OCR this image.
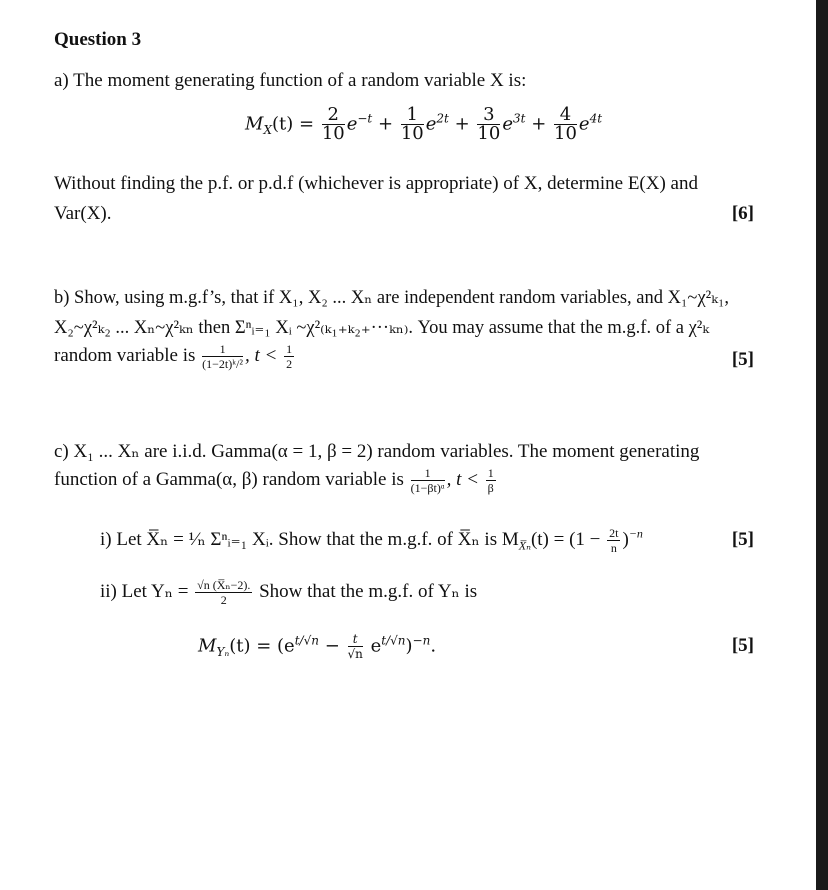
Question 3
a) The moment generating function of a random variable X is:
$M_X(t) = \frac{2}{10} e^{-t} + \frac{1}{10} e^{2t} + \frac{3}{10} e^{3t} + \frac{4}{10} e^{4t}$
Without finding the p.f. or p.d.f (whichever is appropriate) of X, determine E(X) and
Var(X).	[6]
b) Show, using m.g.f’s, that if X₁, X₂ ... Xₙ are independent random variables, and X₁~χ²ₖ₁,
X₂~χ²ₖ₂ ... Xₙ~χ²ₖₙ then Σⁿᵢ₌₁ Xᵢ ~χ²₍ₖ₁₊ₖ₂₊···ₖₙ₎. You may assume that the m.g.f. of a χ²ₖ
random variable is $\frac{1}{\text{(1−2t)ᵏ/²}}$ , $t < \frac{1}{2}$	[5]
c) X₁ ... Xₙ are i.i.d. Gamma(α = 1, β = 2) random variables. The moment generating
function of a Gamma(α, β) random variable is $\frac{1}{\text{(1−βt)ᵅ}}$ , $t < \frac{1}{\beta}$
i) Let X̅ₙ = ¹⁄ₙ Σⁿᵢ₌₁ Xᵢ. Show that the m.g.f. of X̅ₙ is $M_{X̅_n}(t) = (1 - \frac{2t}{n} )^{-n}$	[5]
ii) Let $Y_n = \frac{\text{√n (X̅ₙ−2).}}{2}$ Show that the m.g.f. of Yₙ is
$M_{Y_n}(t) = (e^{t/√n} - \frac{t}{√n} e^{t/√n})^{-n}$.	[5]
